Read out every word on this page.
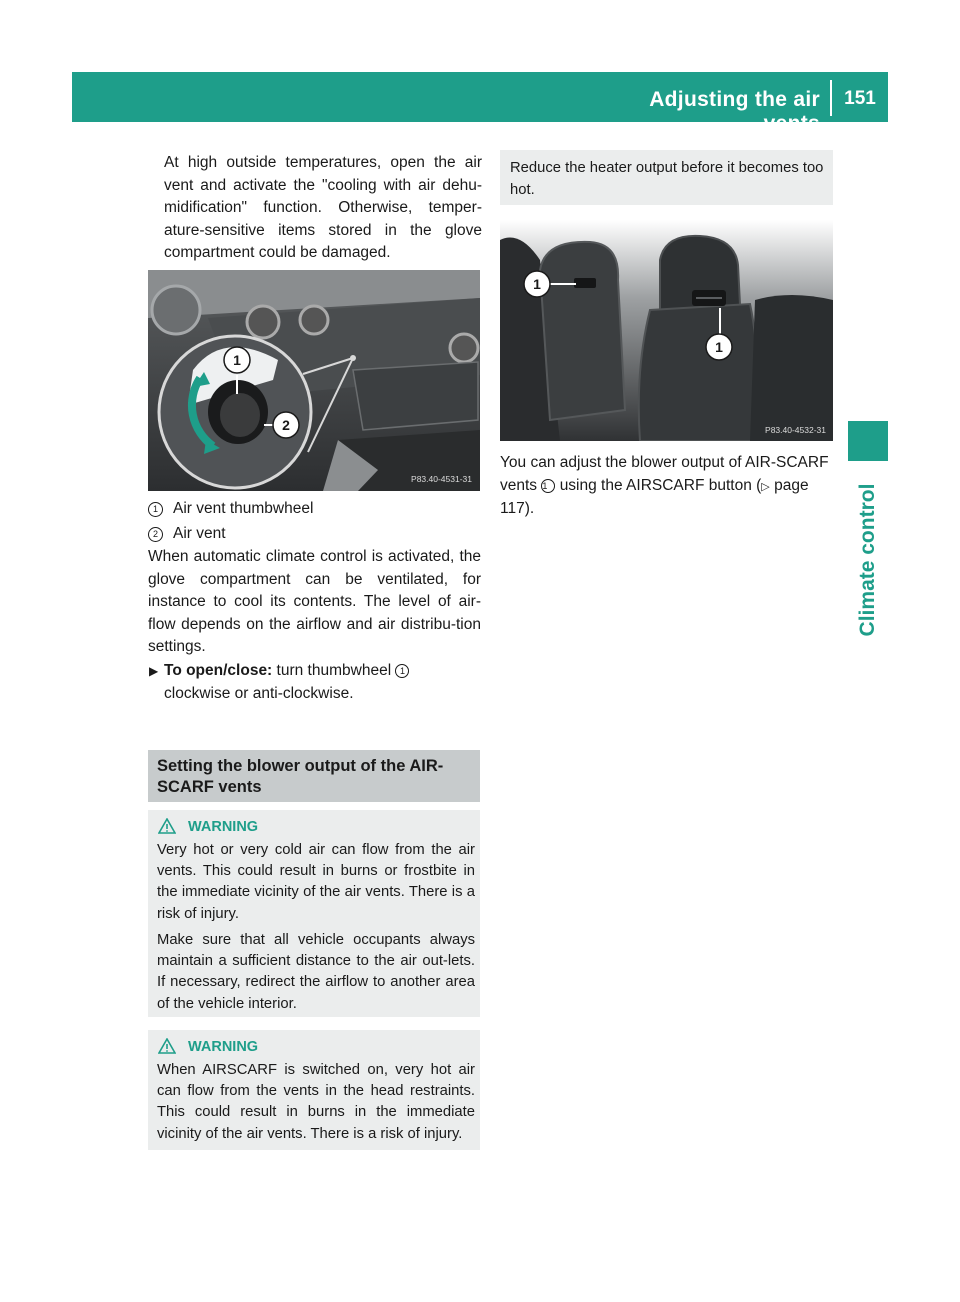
Adjusting the air vents
151
Climate control

At high outside temperatures, open the air vent and activate the "cooling with air dehu-midification" function. Otherwise, temper-ature-sensitive items stored in the glove compartment could be damaged.

1
2
P83.40-4531-31
1 Air vent thumbwheel
2 Air vent

When automatic climate control is activated, the glove compartment can be ventilated, for instance to cool its contents. The level of air-flow depends on the airflow and air distribu-tion settings.

▶ To open/close: turn thumbwheel 1
clockwise or anti-clockwise.
Setting the blower output of the AIR-SCARF vents
WARNING

Very hot or very cold air can flow from the air vents. This could result in burns or frostbite in the immediate vicinity of the air vents. There is a risk of injury.

Make sure that all vehicle occupants always maintain a sufficient distance to the air out-lets. If necessary, redirect the airflow to another area of the vehicle interior.

WARNING

When AIRSCARF is switched on, very hot air can flow from the vents in the head restraints. This could result in burns in the immediate vicinity of the air vents. There is a risk of injury.

Reduce the heater output before it becomes too hot.

1
1
P83.40-4532-31

You can adjust the blower output of AIR-SCARF vents 1 using the AIRSCARF button (▷ page 117).
